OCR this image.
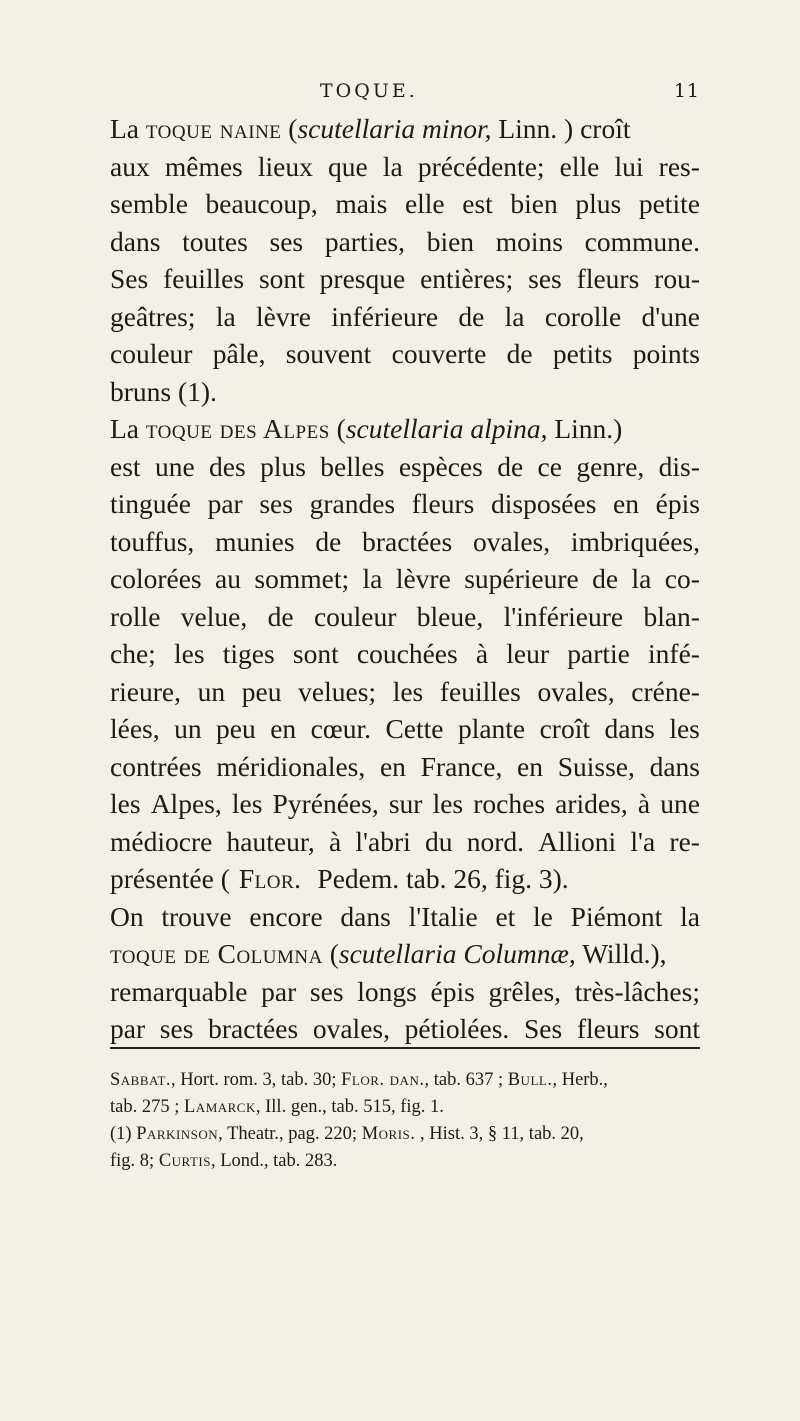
TOQUE.	11
La toque naine (scutellaria minor, Linn. ) croît
aux mêmes lieux que la précédente; elle lui res-
semble beaucoup, mais elle est bien plus petite
dans toutes ses parties, bien moins commune.
Ses feuilles sont presque entières; ses fleurs rou-
geâtres; la lèvre inférieure de la corolle d'une
couleur pâle, souvent couverte de petits points
bruns (1).
La toque des Alpes (scutellaria alpina, Linn.)
est une des plus belles espèces de ce genre, dis-
tinguée par ses grandes fleurs disposées en épis
touffus, munies de bractées ovales, imbriquées,
colorées au sommet; la lèvre supérieure de la co-
rolle velue, de couleur bleue, l'inférieure blan-
che; les tiges sont couchées à leur partie infé-
rieure, un peu velues; les feuilles ovales, créne-
lées, un peu en cœur. Cette plante croît dans les
contrées méridionales, en France, en Suisse, dans
les Alpes, les Pyrénées, sur les roches arides, à une
médiocre hauteur, à l'abri du nord. Allioni l'a re-
présentée ( Flor. Pedem. tab. 26, fig. 3).
On trouve encore dans l'Italie et le Piémont la
toque de Columna (scutellaria Columnæ, Willd.),
remarquable par ses longs épis grêles, très-lâches;
par ses bractées ovales, pétiolées. Ses fleurs sont
Sabbat., Hort. rom. 3, tab. 30; Flor. dan., tab. 637 ; Bull., Herb.,
tab. 275 ; Lamarck, Ill. gen., tab. 515, fig. 1.
(1) Parkinson, Theatr., pag. 220; Moris. , Hist. 3, § 11, tab. 20,
fig. 8; Curtis, Lond., tab. 283.
